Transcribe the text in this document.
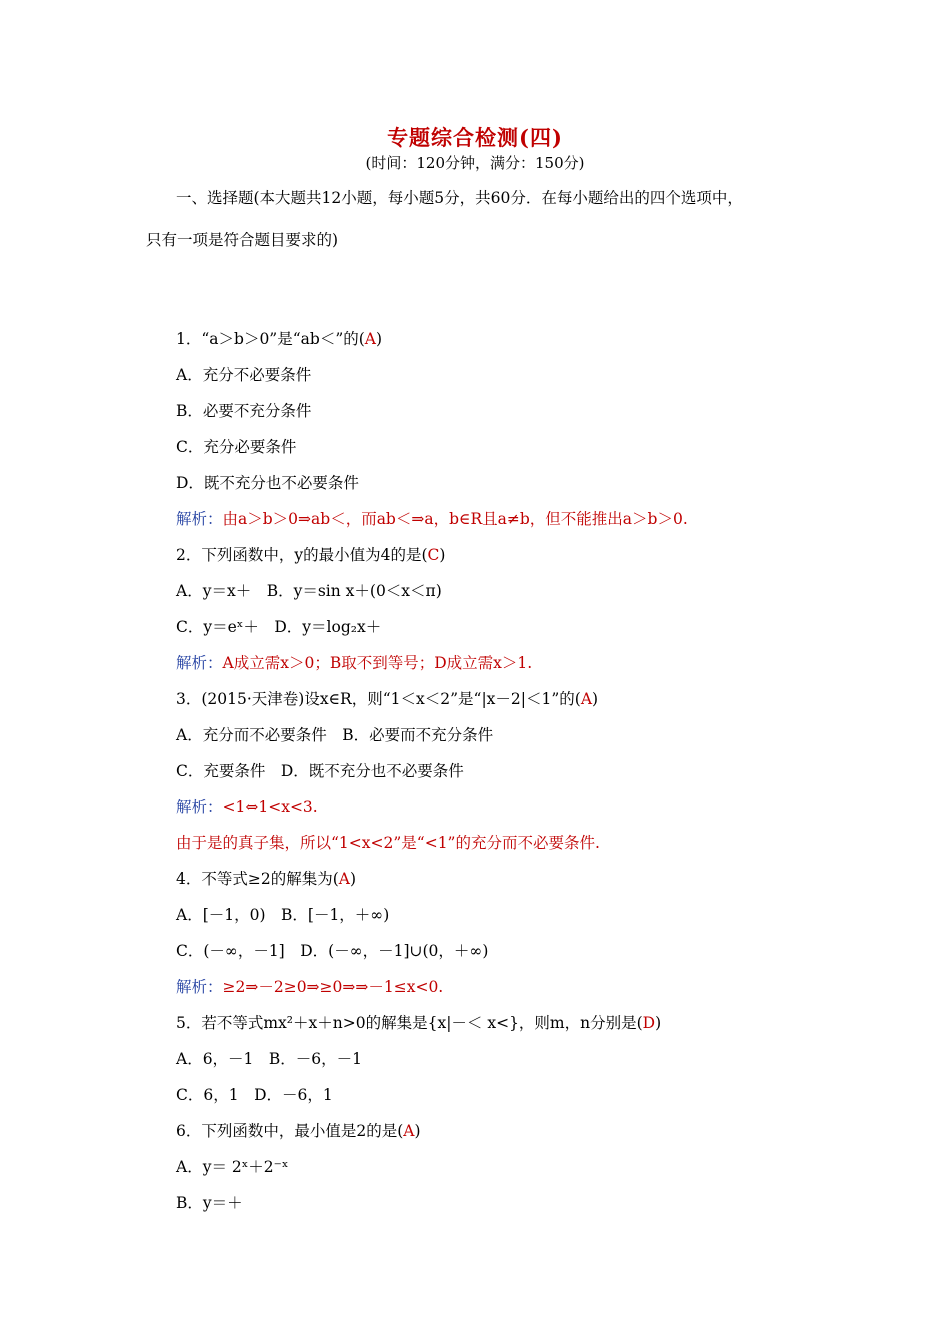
专题综合检测(四)
(时间：120分钟，满分：150分)
一、选择题(本大题共12小题，每小题5分，共60分．在每小题给出的四个选项中，
只有一项是符合题目要求的)
1．“a＞b＞0”是“ab＜”的(A)
A．充分不必要条件
B．必要不充分条件
C．充分必要条件
D．既不充分也不必要条件
解析：由a＞b＞0⇒ab＜，而ab＜⇒a，b∈R且a≠b，但不能推出a＞b＞0.
2．下列函数中，y的最小值为4的是(C)
A．y＝x＋　B．y＝sin x＋(0＜x＜π)
C．y＝eˣ＋　D．y＝log₂x＋
解析：A成立需x＞0；B取不到等号；D成立需x＞1.
3．(2015·天津卷)设x∈R，则“1＜x＜2”是“|x－2|＜1”的(A)
A．充分而不必要条件　B．必要而不充分条件
C．充要条件　D．既不充分也不必要条件
解析：<1⇔1<x<3.
由于是的真子集，所以“1<x<2”是“<1”的充分而不必要条件.
4．不等式≥2的解集为(A)
A．[－1，0)　B．[－1，＋∞)
C．(－∞，－1]　D．(－∞，－1]∪(0，＋∞)
解析：≥2⇒－2≥0⇒≥0⇒⇒－1≤x<0.
5．若不等式mx²＋x＋n>0的解集是{x|－＜ x<}，则m，n分别是(D)
A．6，－1　B．－6，－1
C．6，1　D．－6，1
6．下列函数中，最小值是2的是(A)
A．y＝ 2ˣ＋2⁻ˣ
B．y＝＋
